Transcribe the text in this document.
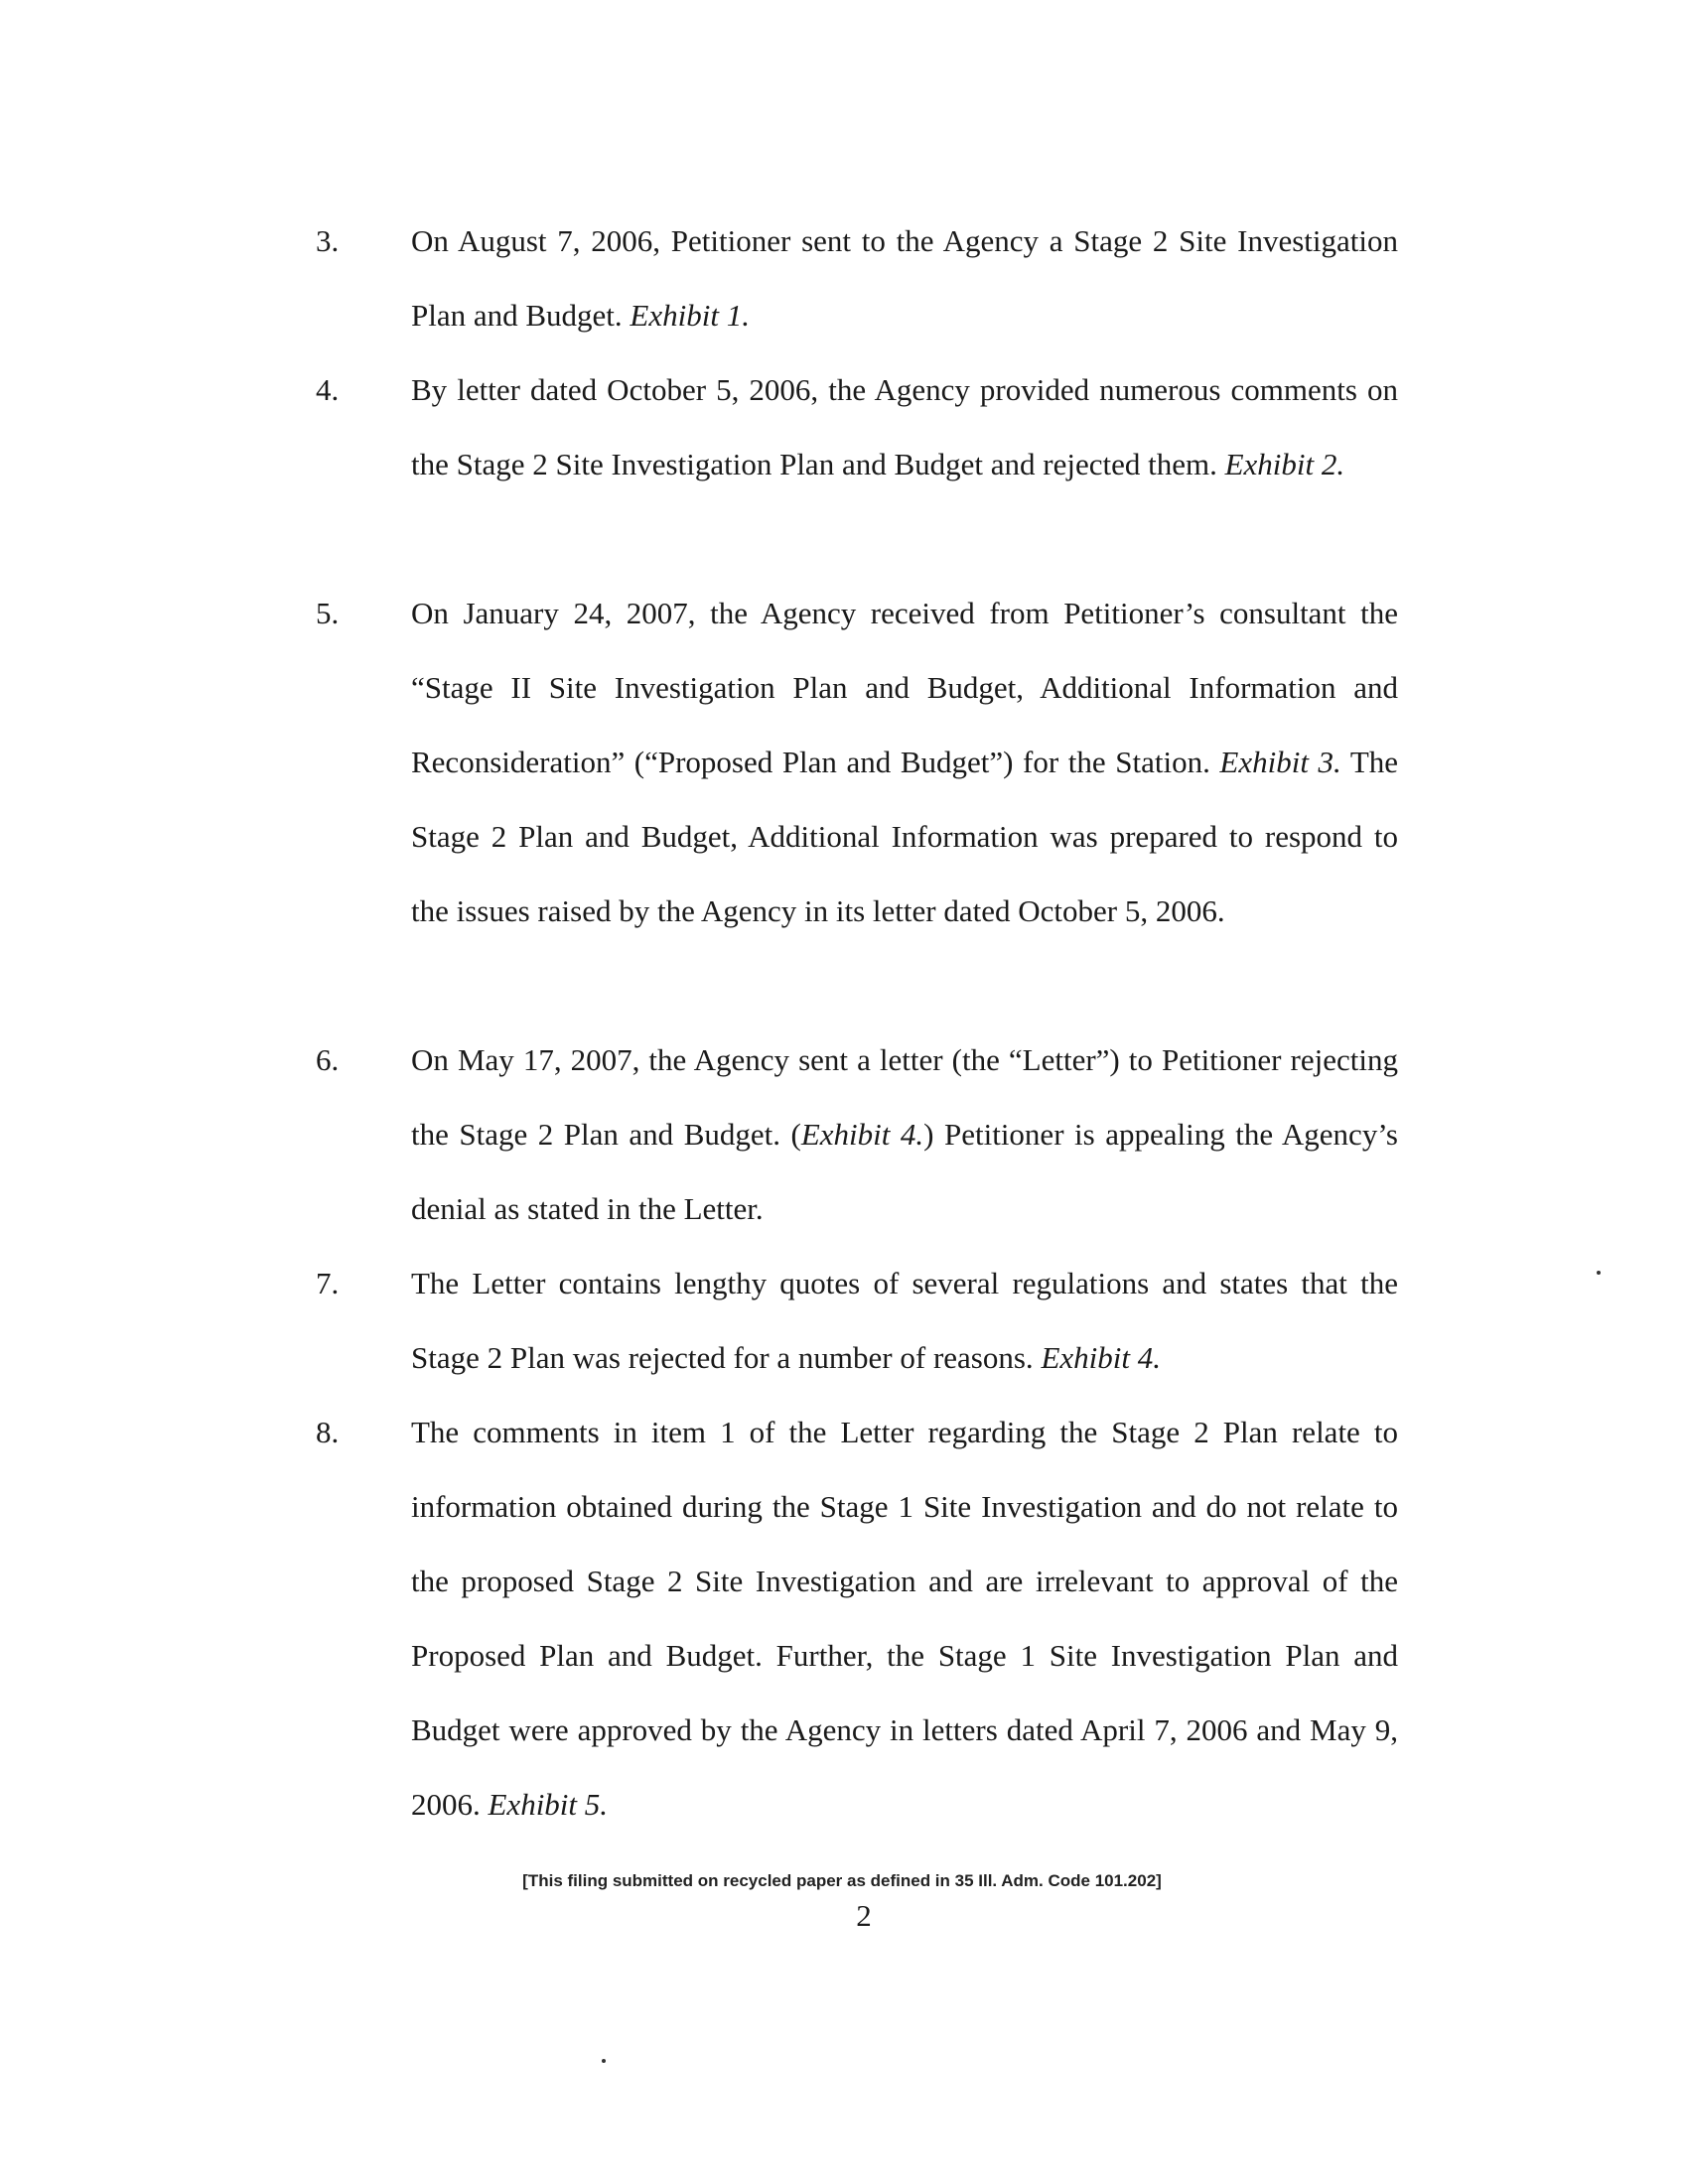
3. On August 7, 2006, Petitioner sent to the Agency a Stage 2 Site Investigation Plan and Budget. Exhibit 1.
4. By letter dated October 5, 2006, the Agency provided numerous comments on the Stage 2 Site Investigation Plan and Budget and rejected them. Exhibit 2.
5. On January 24, 2007, the Agency received from Petitioner’s consultant the “Stage II Site Investigation Plan and Budget, Additional Information and Reconsideration” (“Proposed Plan and Budget”) for the Station. Exhibit 3. The Stage 2 Plan and Budget, Additional Information was prepared to respond to the issues raised by the Agency in its letter dated October 5, 2006.
6. On May 17, 2007, the Agency sent a letter (the “Letter”) to Petitioner rejecting the Stage 2 Plan and Budget. (Exhibit 4.) Petitioner is appealing the Agency’s denial as stated in the Letter.
7. The Letter contains lengthy quotes of several regulations and states that the Stage 2 Plan was rejected for a number of reasons. Exhibit 4.
8. The comments in item 1 of the Letter regarding the Stage 2 Plan relate to information obtained during the Stage 1 Site Investigation and do not relate to the proposed Stage 2 Site Investigation and are irrelevant to approval of the Proposed Plan and Budget. Further, the Stage 1 Site Investigation Plan and Budget were approved by the Agency in letters dated April 7, 2006 and May 9, 2006. Exhibit 5.
[This filing submitted on recycled paper as defined in 35 Ill. Adm. Code 101.202]
2
